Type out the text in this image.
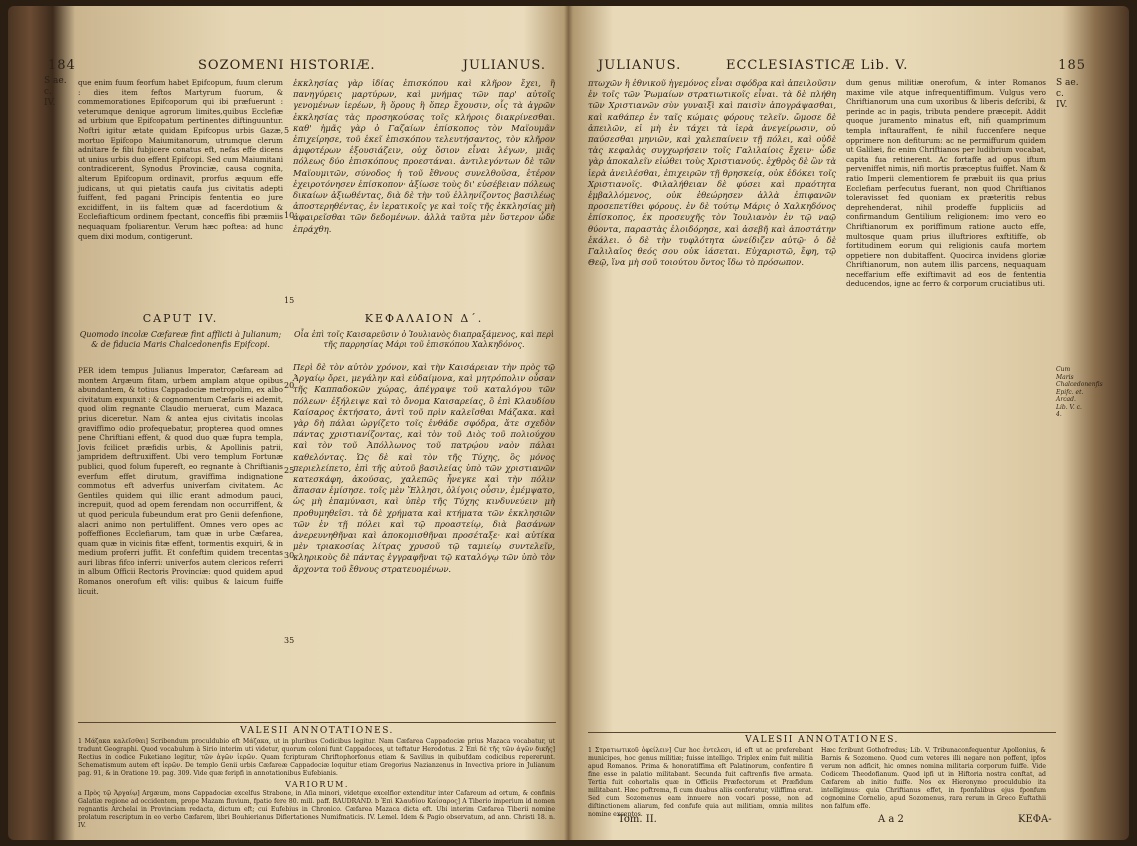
184	SOZOMENI HISTORIÆ.	JULIANUS.
S ae. c.
IV.
que enim fuum feorfum habet Epifcopum, fuum clerum : dies item feftos Martyrum fuorum, & commemorationes Epifcoporum qui ibi præfuerunt : veterumque denique agrorum limites,quibus Ecclefiæ ad urbium que Epifcopatum pertinentes diftinguuntur. Noftri igitur ætate quidam Epifcopus urbis Gazæ, mortuo Epifcopo Maiumitanorum, utrumque clerum adnitare fe fibi fubjicere conatus eft, nefas effe dicens ut unius urbis duo effent Epifcopi. Sed cum Maiumitani contradicerent, Synodus Provinciæ, causa cognita, alterum Epifcopum ordinavit, prorfus æquum effe judicans, ut qui pietatis caufa jus civitatis adepti fuiffent, fed pagani Principis fententia eo jure excidiffent, in iis faltem quæ ad facerdotium & Ecclefiafticum ordinem fpectant, conceffis fibi præmiis nequaquam fpoliarentur. Verum hæc poftea: ad hunc quem dixi modum, contigerunt.
ἐκκλησίας γὰρ ἰδίας ἐπισκόπου καὶ κλῆρον ἔχει, ἢ πανηγύρεις μαρτύρων, καὶ μνήμας τῶν παρ' αὐτοῖς γενομένων ἱερέων, ἢ ὅρους ἢ ὅπερ ἔχουσιν, οἷς τὰ ἀγρῶν ἐκκλησίας τὰς προσηκούσας τοῖς κλήροις διακρίνεσθαι. καθ' ἡμᾶς γὰρ ὁ Γαζαίων ἐπίσκοπος τὸν Μαϊουμᾶν ἐπιχείρησε, τοῦ ἐκεῖ ἐπισκόπου τελευτήσαντος, τὸν κλῆρον ἀμφοτέρων ἐξουσιάζειν, οὐχ ὅσιον εἶναι λέγων, μιᾶς πόλεως δύο ἐπισκόπους προεστάναι. ἀντιλεγόντων δὲ τῶν Μαϊουμιτῶν, σύνοδος ἡ τοῦ ἔθνους συνελθοῦσα, ἑτέρον ἐχειροτόνησεν ἐπίσκοπον· ἀξίωσε τοὺς δι' εὐσέβειαν πόλεως δικαίων ἀξιωθέντας, διὰ δὲ τὴν τοῦ ἐλληνίζοντος βασιλέως ἀποστερηθέντας, ἐν ἱερατικοῖς γε καὶ τοῖς τῆς ἐκκλησίας μὴ ἀφαιρεῖσθαι τῶν δεδομένων. ἀλλὰ ταῦτα μὲν ὕστερον ὧδε ἐπράχθη.
CAPUT IV.
Quomodo incolæ Cæfareæ fint afflicti à Julianum; & de fiducia Maris Chalcedonenfis Epifcopi.
ΚΕΦΑΛΑΙΟΝ Δ΄.
Οἷα ἐπὶ τοῖς Καισαρεῦσιν ὁ Ἰουλιανὸς διαπραξάμενος, καὶ περὶ τῆς παρρησίας Μάρι τοῦ ἐπισκόπου Χαλκηδόνος.
PER idem tempus Julianus Imperator, Cæfaream ad montem Argæum fitam, urbem amplam atque opibus abundantem, & totius Cappadociæ metropolim, ex albo civitatum expunxit : & cognomentum Cæfaris ei ademit, quod olim regnante Claudio meruerat, cum Mazaca prius diceretur. Nam & antea ejus civitatis incolas graviffimo odio profequebatur, propterea quod omnes pene Chriftiani effent, & quod duo quæ fupra templa, Jovis fcilicet præfidis urbis, & Apollinis patrii, jampridem deftruxiffent. Ubi vero templum Fortunæ publici, quod folum fupereft, eo regnante à Chriftianis everfum effet dirutum, graviffima indignatione commotus eft adverfus univerfam civitatem. Ac Gentiles quidem qui illic erant admodum pauci, increpuit, quod ad opem ferendam non occurriffent, & ut quod pericula fubeundum erat pro Genii defenfione, alacri animo non pertuliffent. Omnes vero opes ac poffeffiones Ecclefiarum, tam quæ in urbe Cæfarea, quam quæ in vicinis fitæ effent, tormentis exquiri, & in medium proferri juffit. Et confeftim quidem trecentas auri libras fifco inferri: univerfos autem clericos referri in album Officii Rectoris Provinciæ: quod quidem apud Romanos onerofum eft vilis: quibus & laicum fuiffe licuit.
Περὶ δὲ τὸν αὐτὸν χρόνον, καὶ τὴν Καισάρειαν τὴν πρὸς τῷ Ἀργαίῳ ὄρει, μεγάλην καὶ εὐδαίμονα, καὶ μητρόπολιν οὖσαν τῆς Καππαδοκῶν χώρας, ἀπέγραψε τοῦ καταλόγου τῶν πόλεων· ἐξήλειψε καὶ τὸ ὄνομα Καισαρείας, ὃ ἐπὶ Κλαυδίου Καίσαρος ἐκτήσατο, ἀντὶ τοῦ πρὶν καλεῖσθαι Μάζακα. καὶ γὰρ δὴ πάλαι ὠργίζετο τοῖς ἐνθάδε σφόδρα, ἅτε σχεδὸν πάντας χριστιανίζοντας, καὶ τὸν τοῦ Διὸς τοῦ πολιούχου καὶ τὸν τοῦ Ἀπόλλωνος τοῦ πατρῴου ναὸν πάλαι καθελόντας. Ὡς δὲ καὶ τὸν τῆς Τύχης, ὃς μόνος περιελείπετο, ἐπὶ τῆς αὐτοῦ βασιλείας ὑπὸ τῶν χριστιανῶν κατεσκάφη, ἀκούσας, χαλεπῶς ἦνεγκε καὶ τὴν πόλιν ἅπασαν ἐμίσησε. τοῖς μὲν Ἕλλησι, ὀλίγοις οὖσιν, ἐμέμψατο, ὡς μὴ ἐπαμύνασι, καὶ ὑπὲρ τῆς Τύχης κινδυνεύειν μὴ προθυμηθεῖσι. τὰ δὲ χρήματα καὶ κτήματα τῶν ἐκκλησιῶν τῶν ἐν τῇ πόλει καὶ τῷ προαστείῳ, διὰ βασάνων ἀνερευνηθῆναι καὶ ἀποκομισθῆναι προσέταξε· καὶ αὐτίκα μὲν τριακοσίας λίτρας χρυσοῦ τῷ ταμιείῳ συντελεῖν, κληρικοὺς δὲ πάντας ἐγγραφῆναι τῷ καταλόγῳ τῶν ὑπὸ τὸν ἄρχοντα τοῦ ἔθνους στρατευομένων.
VALESII ANNOTATIONES.
1 Μάζακα καλεῖσθαι] Scribendum proculdubio eft Μάζακα, ut in pluribus Codicibus legitur. Nam Cæfarea Cappadociæ prius Mazaca vocabatur, ut tradunt Geographi. Quod vocabulum à Sirio interim uti videtur, quorum coloni funt Cappadoces, ut teftatur Herodotus. 2 Ἐπὶ δὲ τῆς τῶν ἀγῶν δικῆς] Rectius in codice Fuketiano legitur, τῶν ἀγῶν ἱερῶν. Quam fcripturam Chriftophorfonus etiam & Savilius in quibufdam codicibus repererunt. Schematismum autem eft ἱερῶν. De templo Genii urbis Cæfareæ Cappadociæ loquitur etiam Gregorius Nazianzenus in Invectiva priore in Julianum pag. 91, & in Oratione 19. pag. 309. Vide quæ feripfi in annotationibus Eufebianis.
VARIORUM.
a Πρὸς τῷ Ἀργαίῳ] Argæum, mons Cappadociæ excelfus Strabone, in Aſia minori, videtque excelfior extenditur inter Cafareum ad ortum, & confinis Galatiæ regione ad occidentem, prope Mazam fluvium, fpatio fere 80. mill. paff. BAUDRAND. b Ἐπὶ Κλαυδίου Καίσαρος] A Tiberio imperium id nomen regnantis Archelai in Provinciam redacta, dictum eft; cui Eufebius in Chronico. Cæfarea Mazaca dicta eft. Ubi interim Cæfarea Tiberii nomine prolatum rescriptum in eo verbo Cæfarem, libri Bouhierianus Diflertationes Numifmaticis. IV. Lemel. Idem & Pagio observatum, ad ann. Christi 18. n. IV.
5
10
15
20
25
30
35
JULIANUS.	ECCLESIASTICÆ Lib. V.	185
S ae. c.
IV.
Cum Maris Chalcedonenfis Epifc. et. Arcad. Lib. V. c. 4.
πτωχῶν ἣ ἐθνικοῦ ἡγεμόνος εἶναι σφόδρα καὶ ἀπειλοῦσιν ἐν τοῖς τῶν Ῥωμαίων στρατιωτικοῖς εἶναι. τὰ δὲ πλήθη τῶν Χριστιανῶν σὺν γυναιξὶ καὶ παισὶν ἀπογράψασθαι, καὶ καθάπερ ἐν ταῖς κώμαις φόρους τελεῖν. ὤμοσε δὲ ἀπειλῶν, εἰ μὴ ἐν τάχει τὰ ἱερὰ ἀνεγείρωσιν, οὐ παύσεσθαι μηνιῶν, καὶ χαλεπαίνειν τῇ πόλει, καὶ οὐδὲ τὰς κεφαλὰς συγχωρήσειν τοῖς Γαλιλαίοις ἔχειν· ὧδε γὰρ ἀποκαλεῖν εἰώθει τοὺς Χριστιανούς. ἐχθρὸς δὲ ὢν τὰ ἱερὰ ἀνειλέσθαι, ἐπιχειρῶν τῇ θρησκείᾳ, οὐκ ἐδόκει τοῖς Χριστιανοῖς. Φιλαλήθειαν δὲ φύσει καὶ πραότητα ἐμβαλλόμενος, οὐκ ἐθεώρησεν ἀλλὰ ἐπιφανῶν προσεπετίθει φόρους. ἐν δὲ τούτῳ Μάρις ὁ Χαλκηδόνος ἐπίσκοπος, ἐκ προσευχῆς τὸν Ἰουλιανὸν ἐν τῷ ναῷ θύοντα, παραστὰς ἐλοιδόρησε, καὶ ἀσεβῆ καὶ ἀποστάτην ἐκάλει. ὁ δὲ τὴν τυφλότητα ὠνείδιζεν αὐτῷ· ὁ δὲ Γαλιλαῖος θεός σου οὐκ ἰάσεται. Εὐχαριστῶ, ἔφη, τῷ Θεῷ, ἵνα μὴ σοῦ τοιούτου ὄντος ἴδω τὸ πρόσωπον.
dum genus militiæ onerofum, & inter Romanos maxime vile atque infrequentiffimum. Vulgus vero Chriftianorum una cum uxoribus & liberis defcribi, & perinde ac in pagis, tributa pendere præcepit. Addit quoque juramento minatus eft, nifi quamprimum templa inftauraffent, fe nihil fuccenfere neque opprimere non defiturum: ac ne permiffurum quidem ut Galilæi, fic enim Chriftianos per ludibrium vocabat, capita fua retinerent. Ac fortaffe ad opus iftum perveniffet nimis, nifi mortis præceptus fuiffet. Nam & ratio Imperii clementiorem fe præbuit iis qua prius Ecclefiam perfecutus fuerant, non quod Chriftianos toleravisset fed quoniam ex præteritis rebus deprehenderat, nihil prodeffe fuppliciis ad confirmandum Gentilium religionem: imo vero eo Chriftianorum ex poriffimum ratione aucto effe, multosque quam prius illuftriores exftitiffe, ob fortitudinem eorum qui religionis caufa mortem oppetiere non dubitaffent. Quocirca invidens gloriæ Chriftianorum, non autem illis parcens, nequaquam neceffarium effe exiftimavit ad eos de fententia deducendos, igne ac ferro & corporum cruciatibus uti.
VALESII ANNOTATIONES.
1 Στρατιωτικοῦ ὀφείλειν] Cur hoc ἐντελεσι, id eft ut ac preferebant municipes, hoc genus militiæ; fuisse intelligo. Triplex enim fuit militia apud Romanos. Prima & honoratiffima eft Palatinorum, confentire fi fine esse in palatio militabant. Secunda fuit caftrenfis five armata. Tertia fuit cohortalis quæ in Officiis Præfectorum et Præfidum militabant. Hæc poftrema, fi cum duabus aliis conferatur, viliffima erat. Sed cum Sozomenus eam innuere non vocari posse, non ad diſtinctionem aliarum, fed confufe quia aut militiam, omnia milites nomine exceptos.
Hæc fcribunt Gothofredus; Lib. V. Tribunaconfequentur Apollonius, & Barnis & Sozomeno. Quod cum veteres illi negare non poffent, ipfos verum non adficit, hic omnes nomina militaria corporum fuiffe. Vide Codicem Theodofianum. Quod ipfi ut in Hiftoria nostra conftat, ad Cæfarem ab initio fuiffe. Nos ex Hieronymo proculdubio ita intelligimus: quia Chriftianus effet, in fponfalibus ejus fponfum cognomine Cornelio, apud Sozomenus, rara rerum in Greco Euftathii non falfum effe.
Tom. II.	A a 2	ΚΕΦΑ-
